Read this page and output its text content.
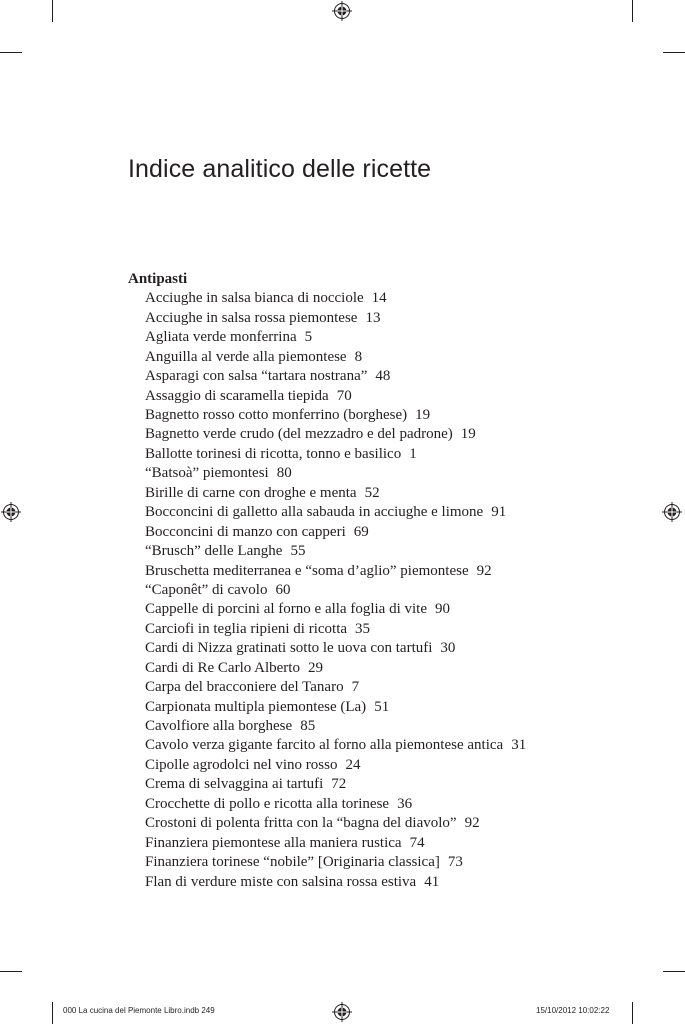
Indice analitico delle ricette
Antipasti
Acciughe in salsa bianca di nocciole 14
Acciughe in salsa rossa piemontese 13
Agliata verde monferrina 5
Anguilla al verde alla piemontese 8
Asparagi con salsa “tartara nostrana” 48
Assaggio di scaramella tiepida 70
Bagnetto rosso cotto monferrino (borghese) 19
Bagnetto verde crudo (del mezzadro e del padrone) 19
Ballotte torinesi di ricotta, tonno e basilico 1
“Batsoà” piemontesi 80
Birille di carne con droghe e menta 52
Bocconcini di galletto alla sabauda in acciughe e limone 91
Bocconcini di manzo con capperi 69
“Brusch” delle Langhe 55
Bruschetta mediterranea e “soma d’aglio” piemontese 92
“Caponêt” di cavolo 60
Cappelle di porcini al forno e alla foglia di vite 90
Carciofi in teglia ripieni di ricotta 35
Cardi di Nizza gratinati sotto le uova con tartufi 30
Cardi di Re Carlo Alberto 29
Carpa del bracconiere del Tanaro 7
Carpionata multipla piemontese (La) 51
Cavolfiore alla borghese 85
Cavolo verza gigante farcito al forno alla piemontese antica 31
Cipolle agrodolci nel vino rosso 24
Crema di selvaggina ai tartufi 72
Crocchette di pollo e ricotta alla torinese 36
Crostoni di polenta fritta con la “bagna del diavolo” 92
Finanziera piemontese alla maniera rustica 74
Finanziera torinese “nobile” [Originaria classica] 73
Flan di verdure miste con salsina rossa estiva 41
000 La cucina del Piemonte Libro.indb 249	15/10/2012 10:02:22
